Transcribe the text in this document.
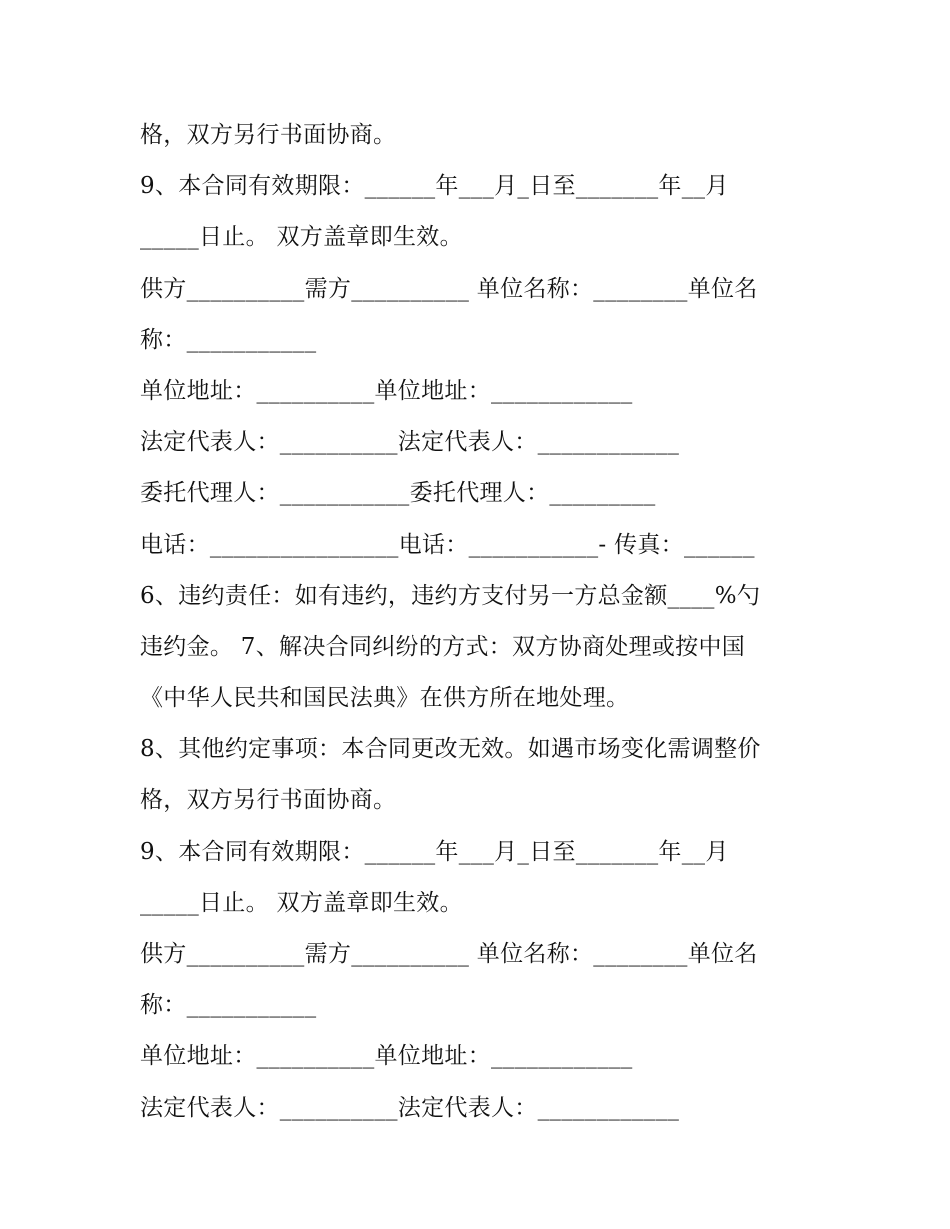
格，双方另行书面协商。
9、本合同有效期限：______年___月_日至_______年__月
_____日止。 双方盖章即生效。
供方__________需方__________ 单位名称：________单位名
称：___________
单位地址：__________单位地址：____________
法定代表人：__________法定代表人：____________
委托代理人：___________委托代理人：_________
电话：________________电话：___________- 传真：______
6、违约责任：如有违约，违约方支付另一方总金额____%勺
违约金。 7、解决合同纠纷的方式：双方协商处理或按中国
《中华人民共和国民法典》在供方所在地处理。
8、其他约定事项：本合同更改无效。如遇市场变化需调整价
格，双方另行书面协商。
9、本合同有效期限：______年___月_日至_______年__月
_____日止。 双方盖章即生效。
供方__________需方__________ 单位名称：________单位名
称：___________
单位地址：__________单位地址：____________
法定代表人：__________法定代表人：____________
